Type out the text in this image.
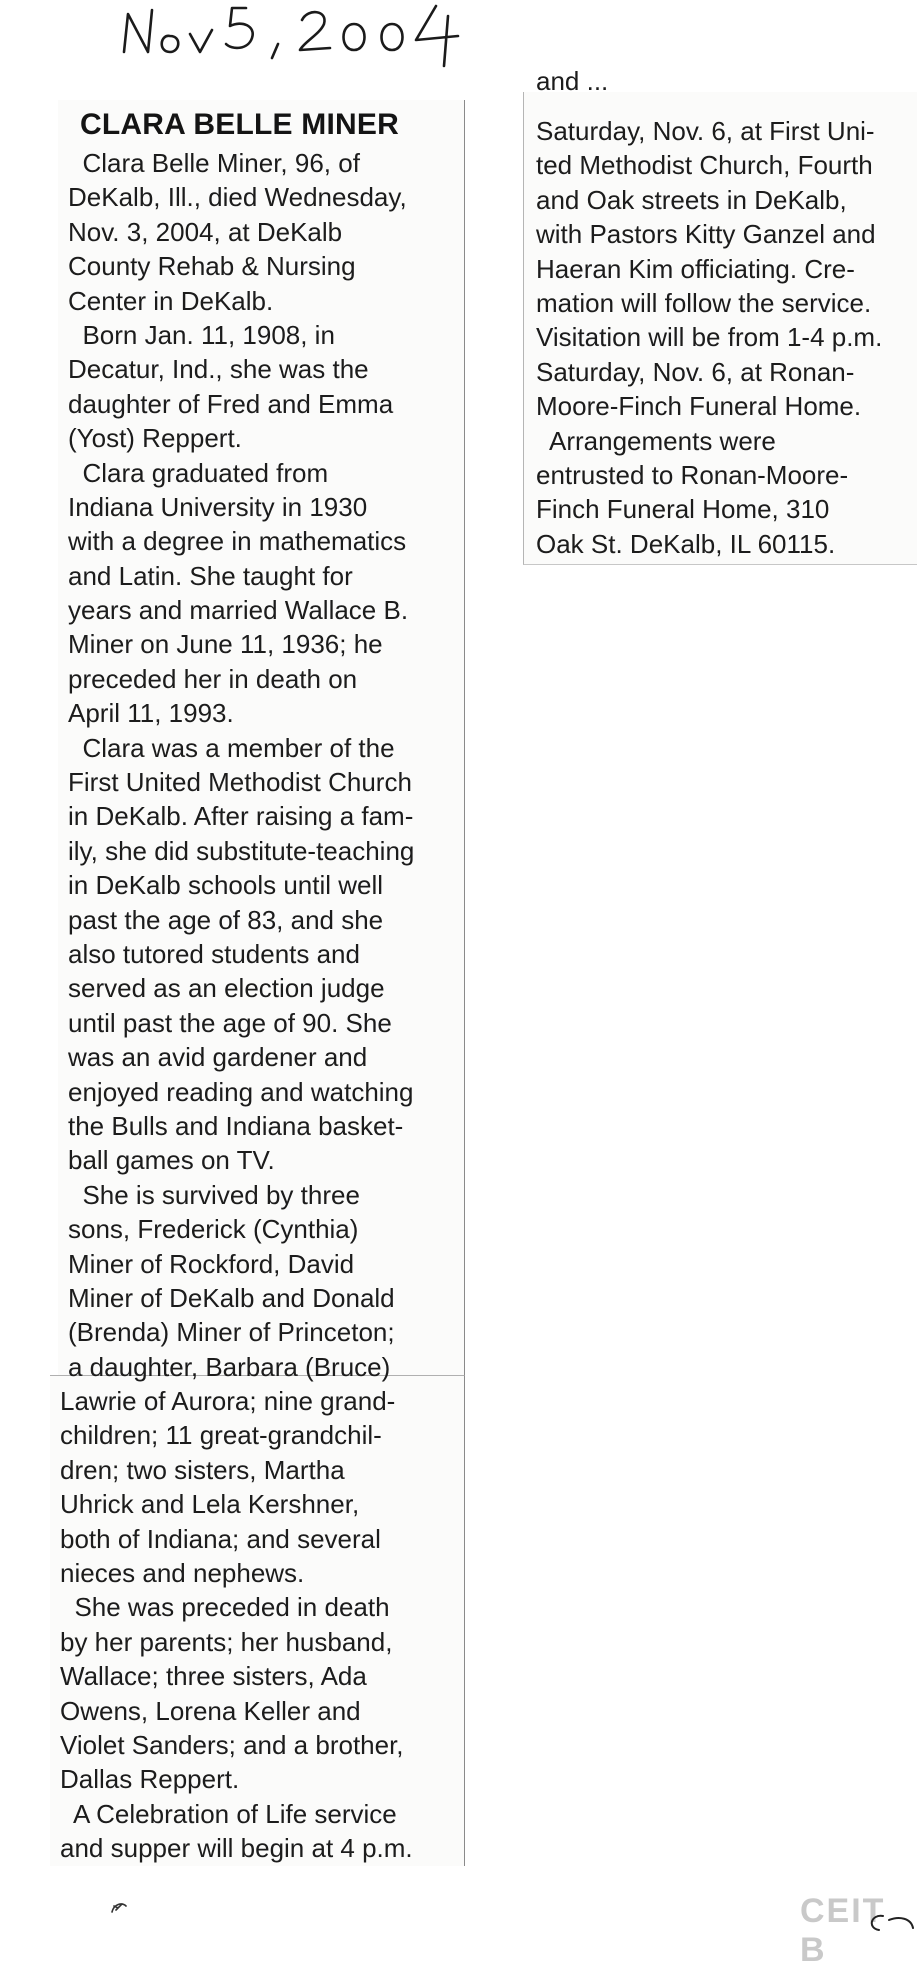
CLARA BELLE MINER
Clara Belle Miner, 96, of
DeKalb, Ill., died Wednesday,
Nov. 3, 2004, at DeKalb
County Rehab & Nursing
Center in DeKalb.
Born Jan. 11, 1908, in
Decatur, Ind., she was the
daughter of Fred and Emma
(Yost) Reppert.
Clara graduated from
Indiana University in 1930
with a degree in mathematics
and Latin. She taught for
years and married Wallace B.
Miner on June 11, 1936; he
preceded her in death on
April 11, 1993.
Clara was a member of the
First United Methodist Church
in DeKalb. After raising a fam-
ily, she did substitute-teaching
in DeKalb schools until well
past the age of 83, and she
also tutored students and
served as an election judge
until past the age of 90. She
was an avid gardener and
enjoyed reading and watching
the Bulls and Indiana basket-
ball games on TV.
She is survived by three
sons, Frederick (Cynthia)
Miner of Rockford, David
Miner of DeKalb and Donald
(Brenda) Miner of Princeton;
a daughter, Barbara (Bruce)
Lawrie of Aurora; nine grand-
children; 11 great-grandchil-
dren; two sisters, Martha
Uhrick and Lela Kershner,
both of Indiana; and several
nieces and nephews.
She was preceded in death
by her parents; her husband,
Wallace; three sisters, Ada
Owens, Lorena Keller and
Violet Sanders; and a brother,
Dallas Reppert.
A Celebration of Life service
and supper will begin at 4 p.m.
and ...
Saturday, Nov. 6, at First Uni-
ted Methodist Church, Fourth
and Oak streets in DeKalb,
with Pastors Kitty Ganzel and
Haeran Kim officiating. Cre-
mation will follow the service.
Visitation will be from 1-4 p.m.
Saturday, Nov. 6, at Ronan-
Moore-Finch Funeral Home.
Arrangements were
entrusted to Ronan-Moore-
Finch Funeral Home, 310
Oak St. DeKalb, IL 60115.
CEIT B
